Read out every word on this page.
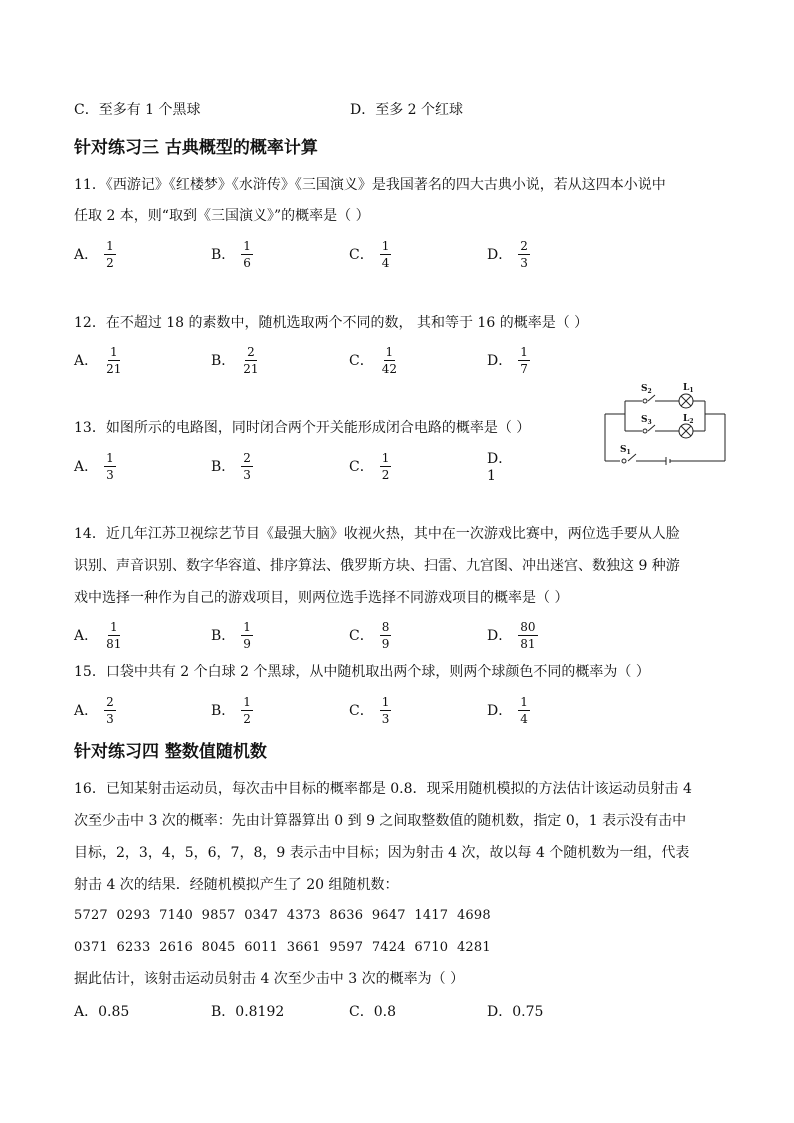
C．至多有 1 个黑球	D．至多 2 个红球
针对练习三 古典概型的概率计算
11．《西游记》《红楼梦》《水浒传》《三国演义》是我国著名的四大古典小说，若从这四本小说中
任取 2 本，则“取到《三国演义》”的概率是（ ）
A． $\frac{1}{2}$	B． $\frac{1}{6}$	C． $\frac{1}{4}$	D． $\frac{2}{3}$
12．在不超过 18 的素数中，随机选取两个不同的数， 其和等于 16 的概率是（ ）
A． $\frac{1}{21}$	B． $\frac{2}{21}$	C． $\frac{1}{42}$	D． $\frac{1}{7}$
$S_2$	$L_1$
$S_3$	$L_2$
$S_1$
13．如图所示的电路图，同时闭合两个开关能形成闭合电路的概率是（ ）
A． $\frac{1}{3}$	B． $\frac{2}{3}$	C． $\frac{1}{2}$	D．1
14．近几年江苏卫视综艺节目《最强大脑》收视火热，其中在一次游戏比赛中，两位选手要从人脸
识别、声音识别、数字华容道、排序算法、俄罗斯方块、扫雷、九宫图、冲出迷宫、数独这 9 种游
戏中选择一种作为自己的游戏项目，则两位选手选择不同游戏项目的概率是（ ）
A． $\frac{1}{81}$	B． $\frac{1}{9}$	C． $\frac{8}{9}$	D． $\frac{80}{81}$
15．口袋中共有 2 个白球 2 个黑球，从中随机取出两个球，则两个球颜色不同的概率为（ ）
A． $\frac{2}{3}$	B． $\frac{1}{2}$	C． $\frac{1}{3}$	D． $\frac{1}{4}$
针对练习四 整数值随机数
16．已知某射击运动员，每次击中目标的概率都是 0.8．现采用随机模拟的方法估计该运动员射击 4
次至少击中 3 次的概率：先由计算器算出 0 到 9 之间取整数值的随机数，指定 0，1 表示没有击中
目标，2，3，4，5，6，7，8，9 表示击中目标；因为射击 4 次，故以每 4 个随机数为一组，代表
射击 4 次的结果．经随机模拟产生了 20 组随机数：
5727  0293  7140  9857  0347  4373  8636  9647  1417  4698
0371  6233  2616  8045  6011  3661  9597  7424  6710  4281
据此估计，该射击运动员射击 4 次至少击中 3 次的概率为（ ）
A．0.85	B．0.8192	C．0.8	D．0.75
